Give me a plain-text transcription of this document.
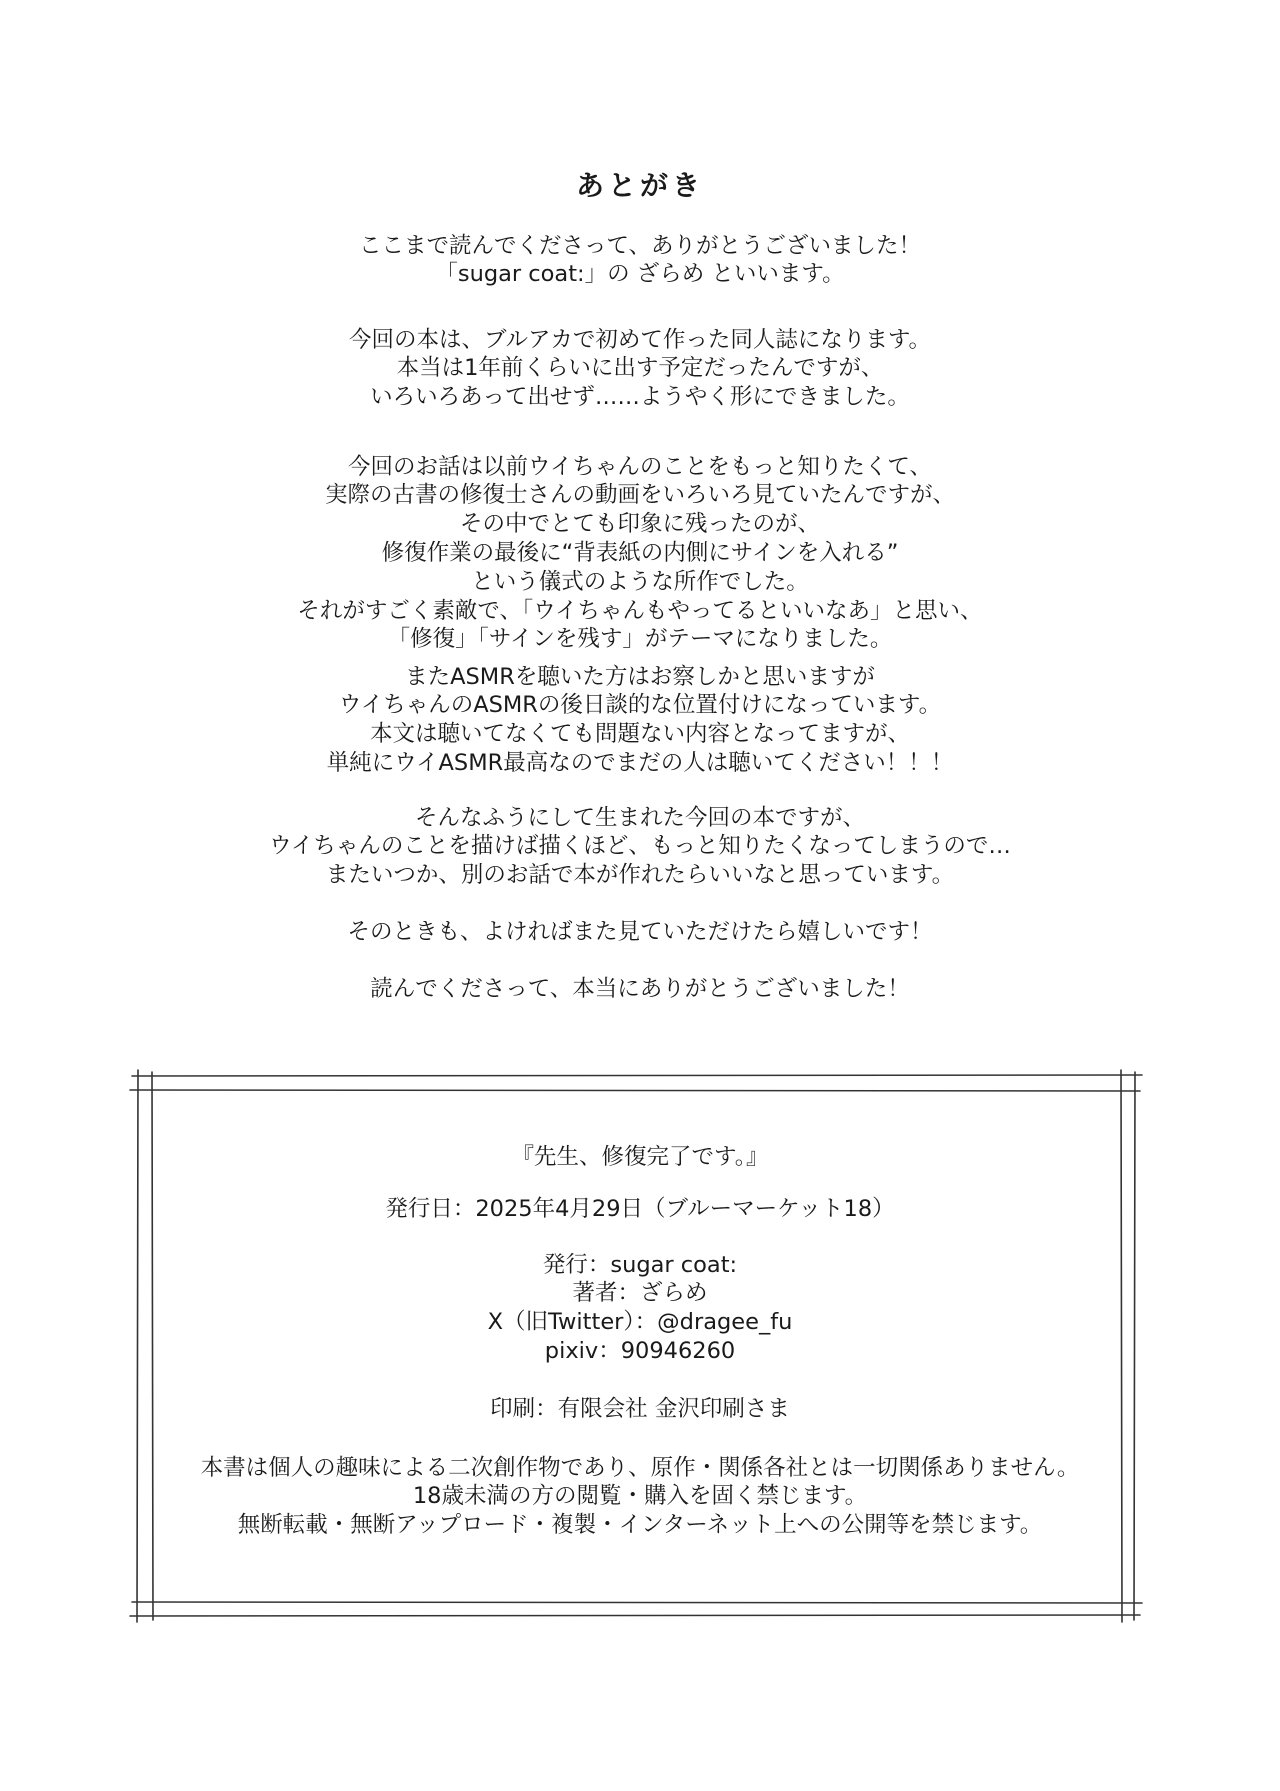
あとがき
ここまで読んでくださって、ありがとうございました！
「sugar coat:」の ざらめ といいます。
今回の本は、ブルアカで初めて作った同人誌になります。
本当は1年前くらいに出す予定だったんですが、
いろいろあって出せず……ようやく形にできました。
今回のお話は以前ウイちゃんのことをもっと知りたくて、
実際の古書の修復士さんの動画をいろいろ見ていたんですが、
その中でとても印象に残ったのが、
修復作業の最後に“背表紙の内側にサインを入れる”
という儀式のような所作でした。
それがすごく素敵で、「ウイちゃんもやってるといいなあ」と思い、
「修復」「サインを残す」がテーマになりました。
またASMRを聴いた方はお察しかと思いますが
ウイちゃんのASMRの後日談的な位置付けになっています。
本文は聴いてなくても問題ない内容となってますが、
単純にウイASMR最高なのでまだの人は聴いてください！！！
そんなふうにして生まれた今回の本ですが、
ウイちゃんのことを描けば描くほど、もっと知りたくなってしまうので…
またいつか、別のお話で本が作れたらいいなと思っています。
そのときも、よければまた見ていただけたら嬉しいです！
読んでくださって、本当にありがとうございました！
『先生、修復完了です。』
発行日：2025年4月29日（ブルーマーケット18）
発行：sugar coat:
著者：ざらめ
X（旧Twitter）：@dragee_fu
pixiv：90946260
印刷：有限会社 金沢印刷さま
本書は個人の趣味による二次創作物であり、原作・関係各社とは一切関係ありません。
18歳未満の方の閲覧・購入を固く禁じます。
無断転載・無断アップロード・複製・インターネット上への公開等を禁じます。
